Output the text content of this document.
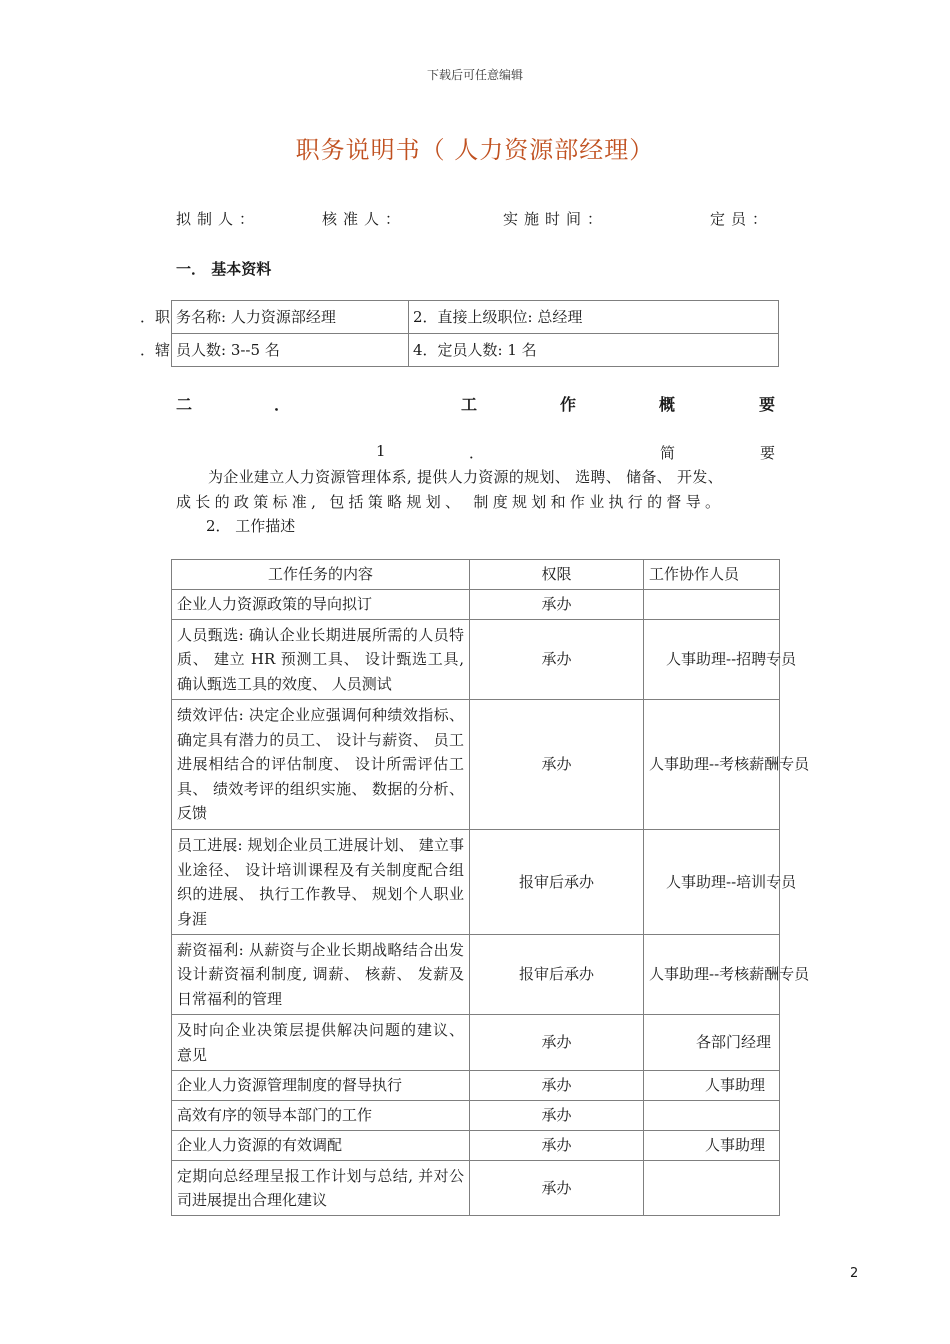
下载后可任意编辑
职务说明书（ 人力资源部经理）
拟制人：	核准人：	实施时间：	定员：
一． 基本资料
．职
．辖
务名称: 人力资源部经理	2．直接上级职位: 总经理
员人数: 3--5 名	4．定员人数: 1 名
二	．	工	作	概	要
1	．	简	要
为企业建立人力资源管理体系, 提供人力资源的规划、 选聘、 储备、 开发、
成长的政策标准, 包括策略规划、 制度规划和作业执行的督导。
2． 工作描述
工作任务的内容	权限	工作协作人员
企业人力资源政策的导向拟订	承办	
人员甄选: 确认企业长期进展所需的人员特质、 建立 HR 预测工具、 设计甄选工具, 确认甄选工具的效度、 人员测试	承办	人事助理--招聘专员
绩效评估: 决定企业应强调何种绩效指标、 确定具有潜力的员工、 设计与薪资、 员工进展相结合的评估制度、 设计所需评估工具、 绩效考评的组织实施、 数据的分析、 反馈	承办	人事助理--考核薪酬专员
员工进展: 规划企业员工进展计划、 建立事业途径、 设计培训课程及有关制度配合组织的进展、 执行工作教导、 规划个人职业身涯	报审后承办	人事助理--培训专员
薪资福利: 从薪资与企业长期战略结合出发设计薪资福利制度, 调薪、 核薪、 发薪及日常福利的管理	报审后承办	人事助理--考核薪酬专员
及时向企业决策层提供解决问题的建议、 意见	承办	各部门经理
企业人力资源管理制度的督导执行	承办	人事助理
高效有序的领导本部门的工作	承办	
企业人力资源的有效调配	承办	人事助理
定期向总经理呈报工作计划与总结, 并对公司进展提出合理化建议	承办	
2
